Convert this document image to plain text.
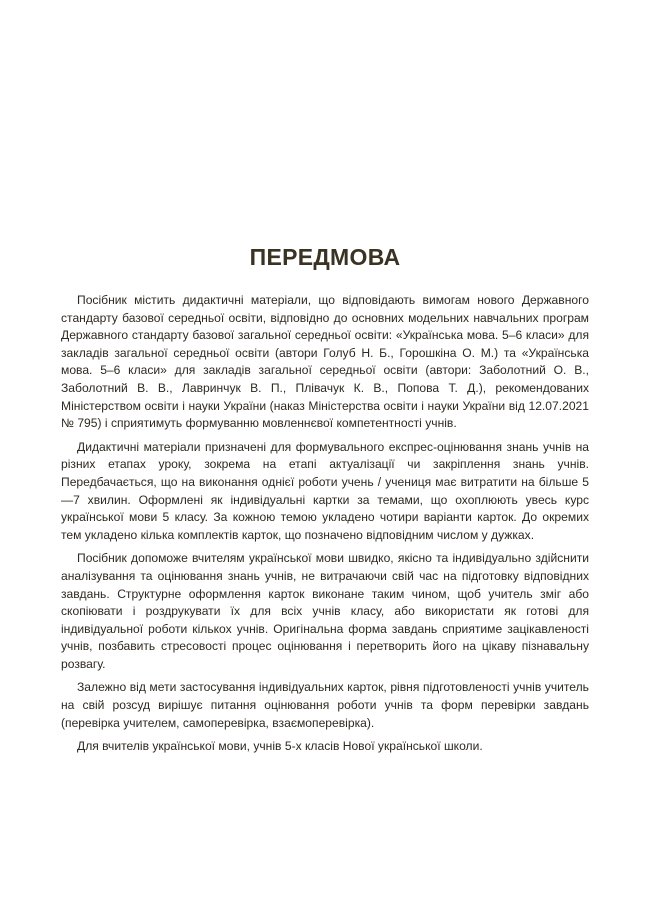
ПЕРЕДМОВА

Посібник містить дидактичні матеріали, що відповідають вимогам нового Державного стандарту базової середньої освіти, відповідно до основних модельних навчальних програм Державного стандарту базової загальної середньої освіти: «Українська мова. 5–6 класи» для закладів загальної середньої освіти (автори Голуб Н. Б., Горошкіна О. М.) та «Українська мова. 5–6 класи» для закладів загальної середньої освіти (автори: Заболотний О. В., Заболотний В. В., Лавринчук В. П., Плівачук К. В., Попова Т. Д.), рекомендованих Міністерством освіти і науки України (наказ Міністерства освіти і науки України від 12.07.2021 № 795) і сприятимуть формуванню мовленнєвої компетентності учнів.

Дидактичні матеріали призначені для формувального експрес-оцінювання знань учнів на різних етапах уроку, зокрема на етапі актуалізації чи закріплення знань учнів. Передбачається, що на виконання однієї роботи учень / учениця має витратити на більше 5—7 хвилин. Оформлені як індивідуальні картки за темами, що охоплюють увесь курс української мови 5 класу. За кожною темою укладено чотири варіанти карток. До окремих тем укладено кілька комплектів карток, що позначено відповідним числом у дужках.

Посібник допоможе вчителям української мови швидко, якісно та індивідуально здійснити аналізування та оцінювання знань учнів, не витрачаючи свій час на підготовку відповідних завдань. Структурне оформлення карток виконане таким чином, щоб учитель зміг або скопіювати і роздрукувати їх для всіх учнів класу, або використати як готові для індивідуальної роботи кількох учнів. Оригінальна форма завдань сприятиме зацікавленості учнів, позбавить стресовості процес оцінювання і перетворить його на цікаву пізнавальну розвагу.

Залежно від мети застосування індивідуальних карток, рівня підготовленості учнів учитель на свій розсуд вирішує питання оцінювання роботи учнів та форм перевірки завдань (перевірка учителем, самоперевірка, взаємоперевірка).

Для вчителів української мови, учнів 5-х класів Нової української школи.
